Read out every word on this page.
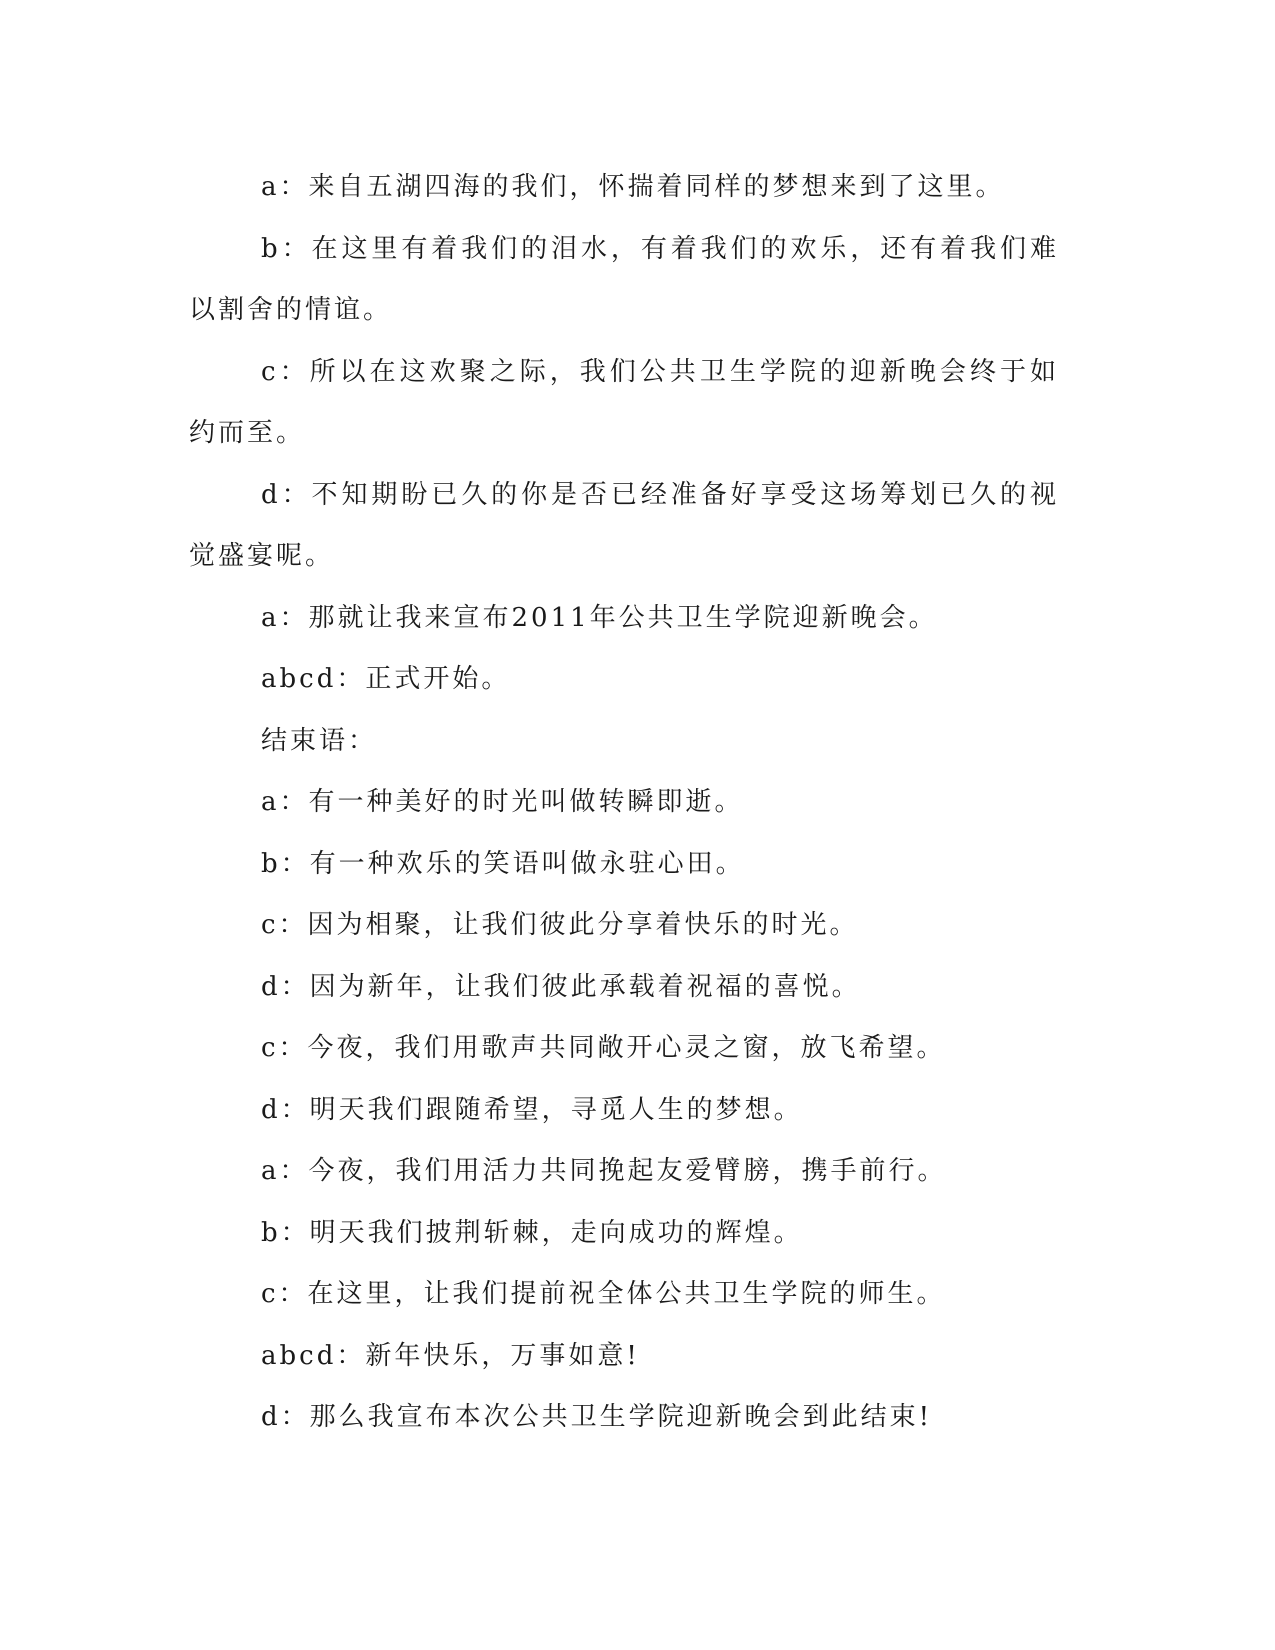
a：来自五湖四海的我们，怀揣着同样的梦想来到了这里。

b：在这里有着我们的泪水，有着我们的欢乐，还有着我们难以割舍的情谊。

c：所以在这欢聚之际，我们公共卫生学院的迎新晚会终于如约而至。

d：不知期盼已久的你是否已经准备好享受这场筹划已久的视觉盛宴呢。

a：那就让我来宣布2011年公共卫生学院迎新晚会。

abcd：正式开始。

结束语：

a：有一种美好的时光叫做转瞬即逝。

b：有一种欢乐的笑语叫做永驻心田。

c：因为相聚，让我们彼此分享着快乐的时光。

d：因为新年，让我们彼此承载着祝福的喜悦。

c：今夜，我们用歌声共同敞开心灵之窗，放飞希望。

d：明天我们跟随希望，寻觅人生的梦想。

a：今夜，我们用活力共同挽起友爱臂膀，携手前行。

b：明天我们披荆斩棘，走向成功的辉煌。

c：在这里，让我们提前祝全体公共卫生学院的师生。

abcd：新年快乐，万事如意!

d：那么我宣布本次公共卫生学院迎新晚会到此结束!
